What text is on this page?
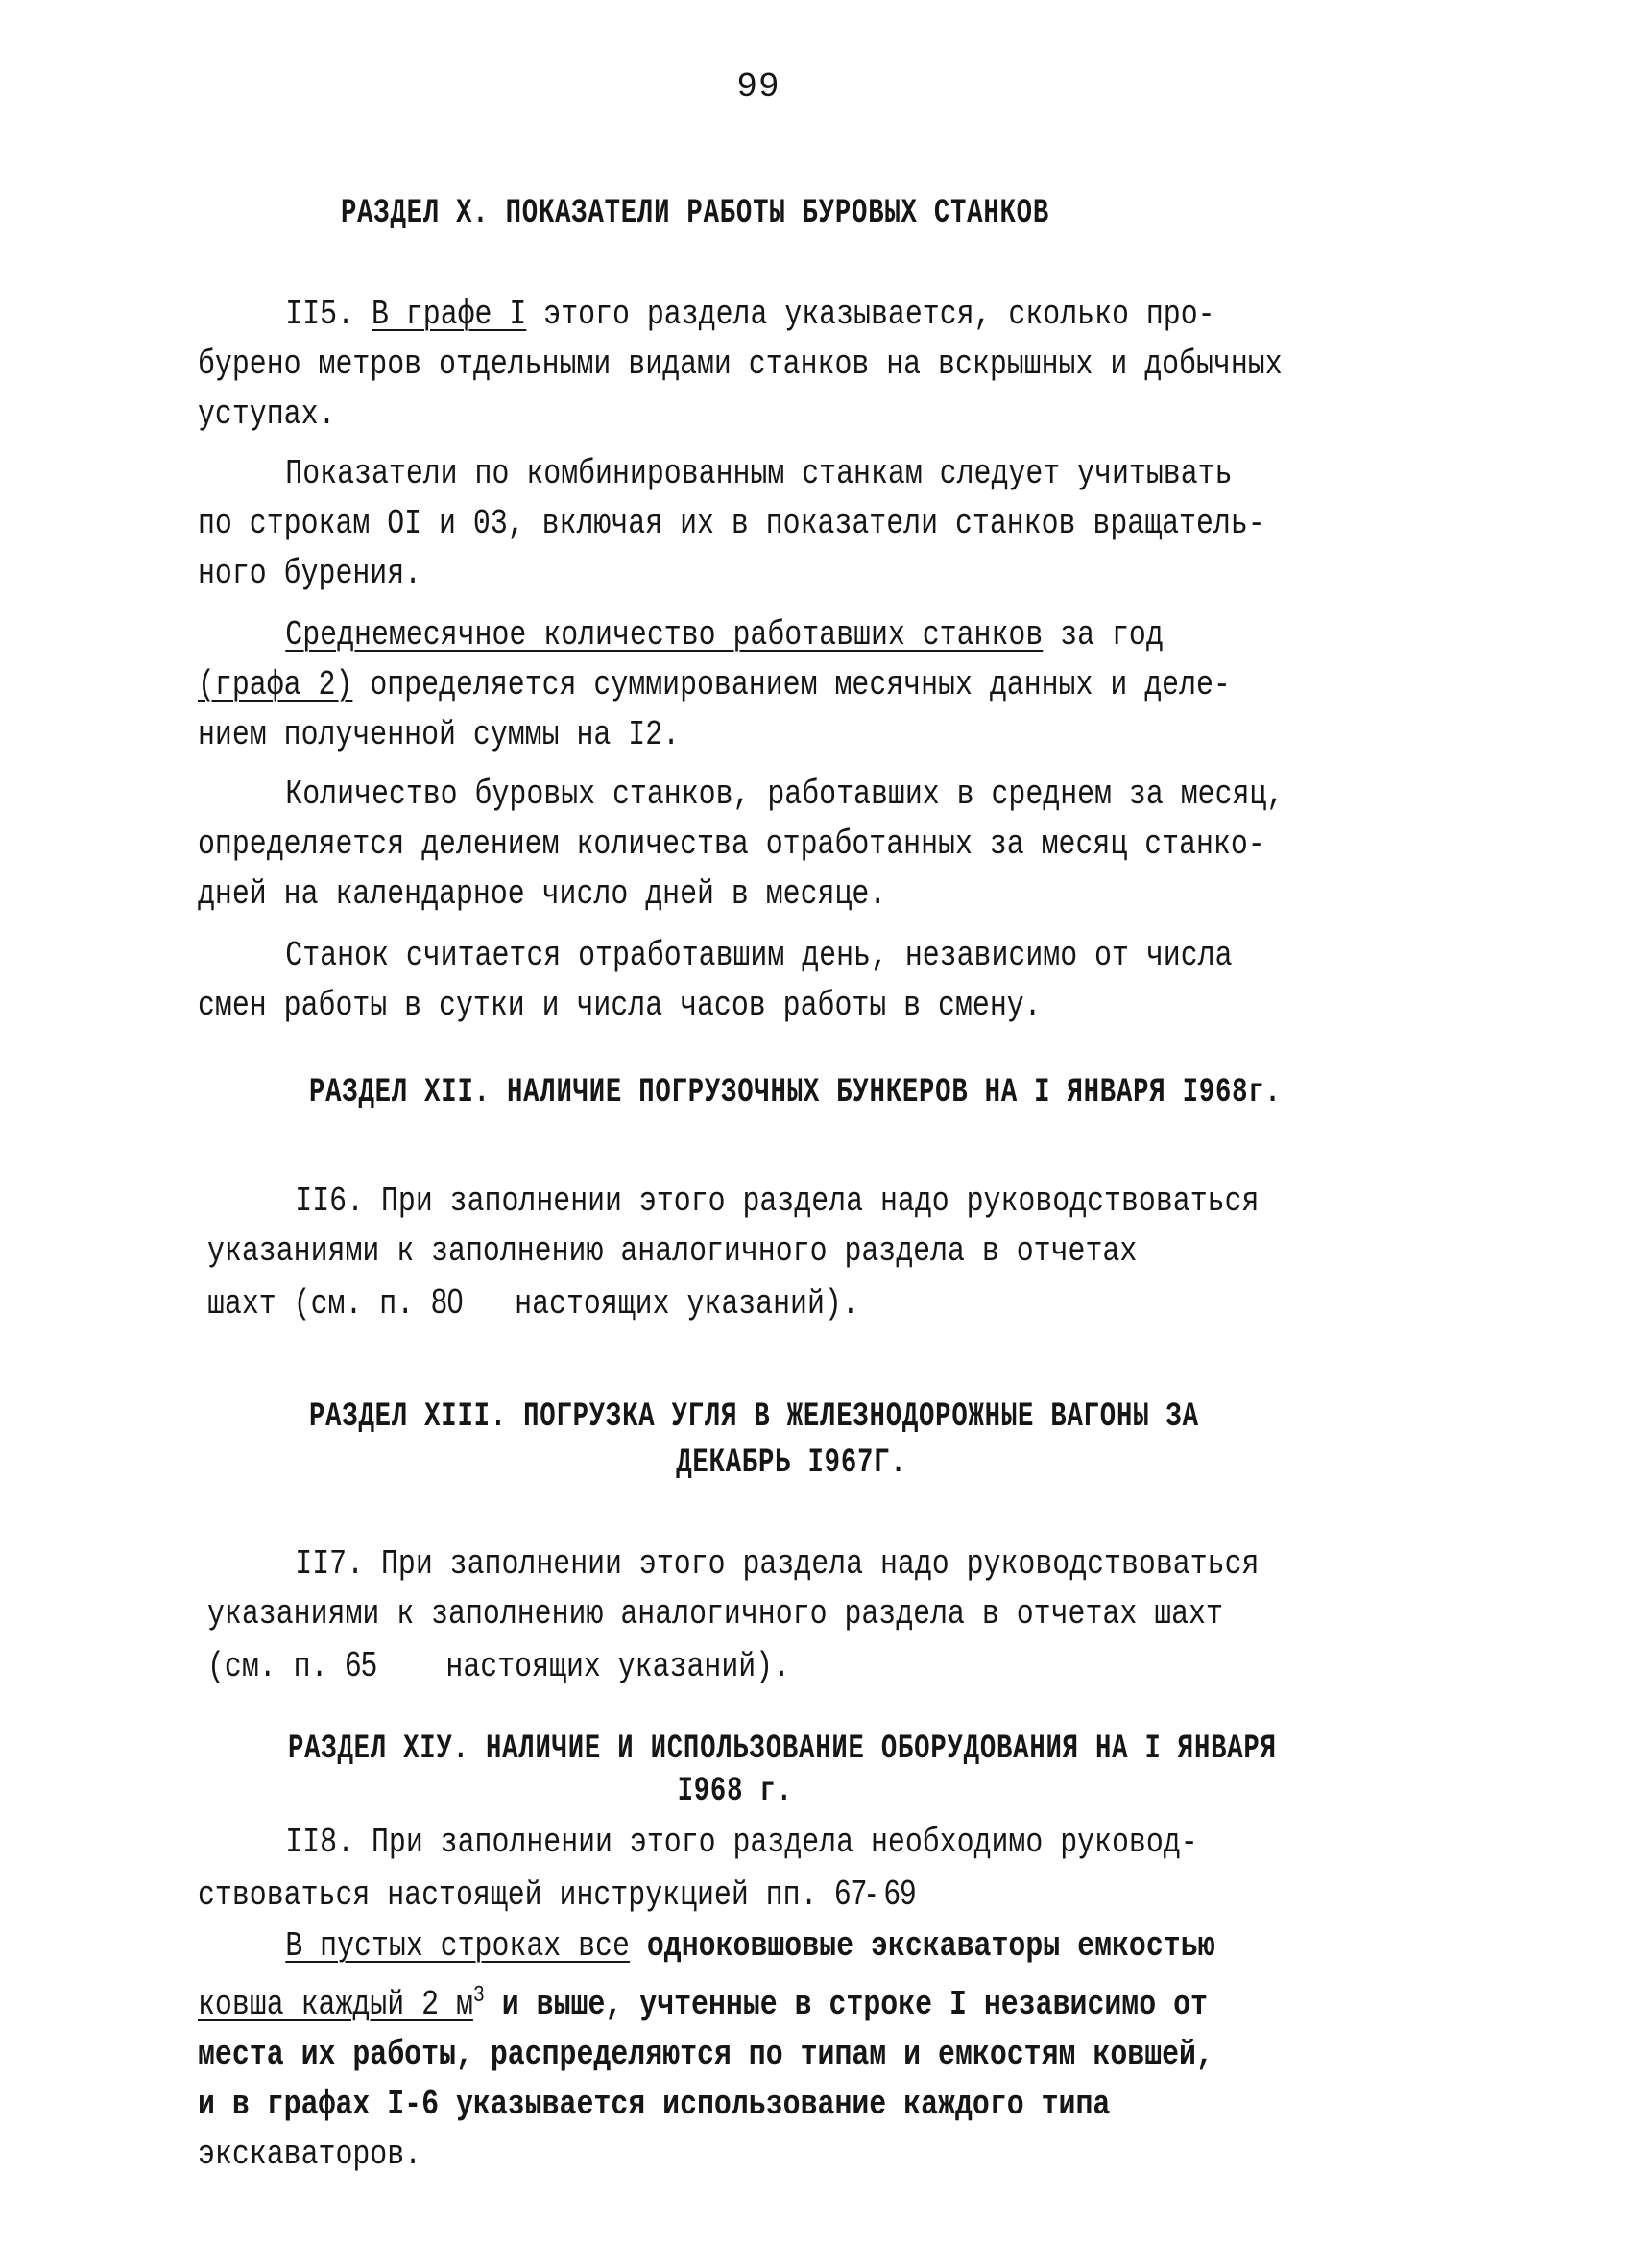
99
РАЗДЕЛ Х. ПОКАЗАТЕЛИ РАБОТЫ БУРОВЫХ СТАНКОВ

II5. В графе I этого раздела указывается, сколько про-
бурено метров отдельными видами станков на вскрышных и добычных
уступах.

Показатели по комбинированным станкам следует учитывать
по строкам OI и 03, включая их в показатели станков вращатель-
ного бурения.

Среднемесячное количество работавших станков за год
(графа 2) определяется суммированием месячных данных и деле-
нием полученной суммы на I2.

Количество буровых станков, работавших в среднем за месяц,
определяется делением количества отработанных за месяц станко-
дней на календарное число дней в месяце.

Станок считается отработавшим день, независимо от числа
смен работы в сутки и числа часов работы в смену.

РАЗДЕЛ ХII. НАЛИЧИЕ ПОГРУЗОЧНЫХ БУНКЕРОВ НА I ЯНВАРЯ I968г.

II6. При заполнении этого раздела надо руководствоваться
указаниями к заполнению аналогичного раздела в отчетах
шахт (см. п. 80 настоящих указаний).

РАЗДЕЛ ХIII. ПОГРУЗКА УГЛЯ В ЖЕЛЕЗНОДОРОЖНЫЕ ВАГОНЫ ЗА
ДЕКАБРЬ I967Г.

II7. При заполнении этого раздела надо руководствоваться
указаниями к заполнению аналогичного раздела в отчетах шахт
(см. п. 65 настоящих указаний).

РАЗДЕЛ ХIУ. НАЛИЧИЕ И ИСПОЛЬЗОВАНИЕ ОБОРУДОВАНИЯ НА I ЯНВАРЯ
I968 г.

II8. При заполнении этого раздела необходимо руковод-
ствоваться настоящей инструкцией пп. 67- 69

В пустых строках все одноковшовые экскаваторы емкостью
ковша каждый 2 $м^3$ и выше, учтенные в строке I независимо от
места их работы, распределяются по типам и емкостям ковшей,
и в графах I-6 указывается использование каждого типа
экскаваторов.
